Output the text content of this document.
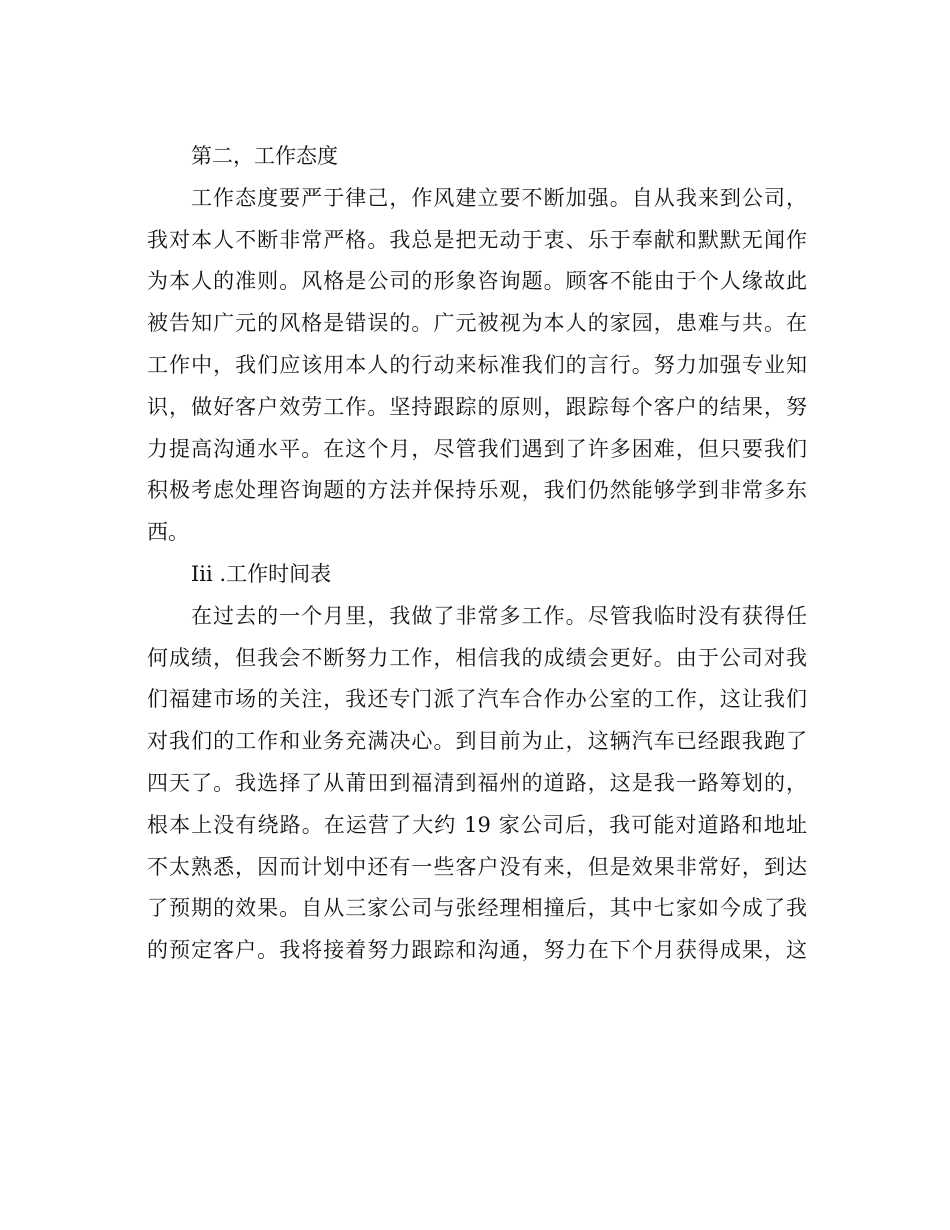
第二，工作态度
工作态度要严于律己，作风建立要不断加强。自从我来到公司，
我对本人不断非常严格。我总是把无动于衷、乐于奉献和默默无闻作
为本人的准则。风格是公司的形象咨询题。顾客不能由于个人缘故此
被告知广元的风格是错误的。广元被视为本人的家园，患难与共。在
工作中，我们应该用本人的行动来标准我们的言行。努力加强专业知
识，做好客户效劳工作。坚持跟踪的原则，跟踪每个客户的结果，努
力提高沟通水平。在这个月，尽管我们遇到了许多困难，但只要我们
积极考虑处理咨询题的方法并保持乐观，我们仍然能够学到非常多东
西。
Iii .工作时间表
在过去的一个月里，我做了非常多工作。尽管我临时没有获得任
何成绩，但我会不断努力工作，相信我的成绩会更好。由于公司对我
们福建市场的关注，我还专门派了汽车合作办公室的工作，这让我们
对我们的工作和业务充满决心。到目前为止，这辆汽车已经跟我跑了
四天了。我选择了从莆田到福清到福州的道路，这是我一路筹划的，
根本上没有绕路。在运营了大约 19 家公司后，我可能对道路和地址
不太熟悉，因而计划中还有一些客户没有来，但是效果非常好，到达
了预期的效果。自从三家公司与张经理相撞后，其中七家如今成了我
的预定客户。我将接着努力跟踪和沟通，努力在下个月获得成果，这
